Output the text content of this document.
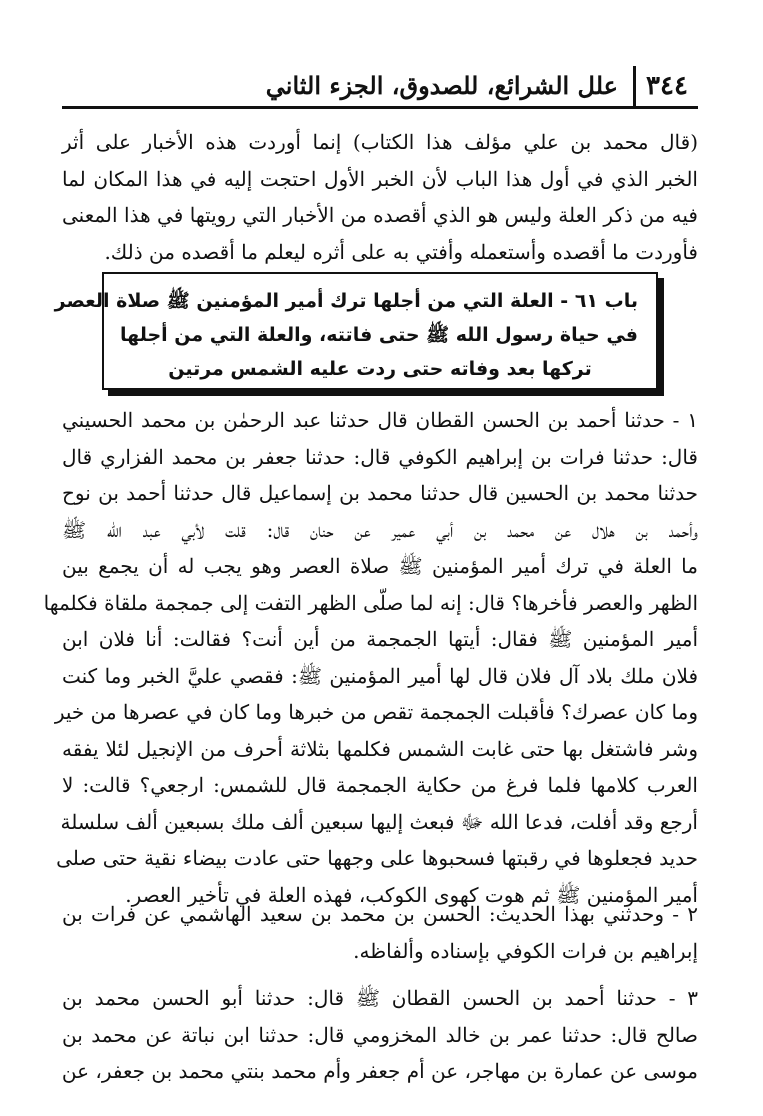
٣٤٤
علل الشرائع، للصدوق، الجزء الثاني
(قال محمد بن علي مؤلف هذا الكتاب) إنما أوردت هذه الأخبار على أثر
الخبر الذي في أول هذا الباب لأن الخبر الأول احتجت إليه في هذا المكان لما
فيه من ذكر العلة وليس هو الذي أقصده من الأخبار التي رويتها في هذا المعنى
فأوردت ما أقصده وأستعمله وأفتي به على أثره ليعلم ما أقصده من ذلك.
باب ٦١ - العلة التي من أجلها ترك أمير المؤمنين ﷺ صلاة العصر
في حياة رسول الله ﷺ حتى فاتته، والعلة التي من أجلها
تركها بعد وفاته حتى ردت عليه الشمس مرتين
١ - حدثنا أحمد بن الحسن القطان قال حدثنا عبد الرحمٰن بن محمد الحسيني
قال: حدثنا فرات بن إبراهيم الكوفي قال: حدثنا جعفر بن محمد الفزاري قال
حدثنا محمد بن الحسين قال حدثنا محمد بن إسماعيل قال حدثنا أحمد بن نوح
وأحمد بن هلال عن محمد بن أبي عمير عن حنان قال: قلت لأبي عبد الله ﷺ
ما العلة في ترك أمير المؤمنين ﷺ صلاة العصر وهو يجب له أن يجمع بين
الظهر والعصر فأخرها؟ قال: إنه لما صلّى الظهر التفت إلى جمجمة ملقاة فكلمها
أمير المؤمنين ﷺ فقال: أيتها الجمجمة من أين أنت؟ فقالت: أنا فلان ابن
فلان ملك بلاد آل فلان قال لها أمير المؤمنين ﷺ: فقصي عليَّ الخبر وما كنت
وما كان عصرك؟ فأقبلت الجمجمة تقص من خبرها وما كان في عصرها من خير
وشر فاشتغل بها حتى غابت الشمس فكلمها بثلاثة أحرف من الإنجيل لئلا يفقه
العرب كلامها فلما فرغ من حكاية الجمجمة قال للشمس: ارجعي؟ قالت: لا
أرجع وقد أفلت، فدعا الله ﷻ فبعث إليها سبعين ألف ملك بسبعين ألف سلسلة
حديد فجعلوها في رقبتها فسحبوها على وجهها حتى عادت بيضاء نقية حتى صلى
أمير المؤمنين ﷺ ثم هوت كهوى الكوكب، فهذه العلة في تأخير العصر.
٢ - وحدثني بهذا الحديث: الحسن بن محمد بن سعيد الهاشمي عن فرات بن
إبراهيم بن فرات الكوفي بإسناده وألفاظه.
٣ - حدثنا أحمد بن الحسن القطان ﷺ قال: حدثنا أبو الحسن محمد بن
صالح قال: حدثنا عمر بن خالد المخزومي قال: حدثنا ابن نباتة عن محمد بن
موسى عن عمارة بن مهاجر، عن أم جعفر وأم محمد بنتي محمد بن جعفر، عن
